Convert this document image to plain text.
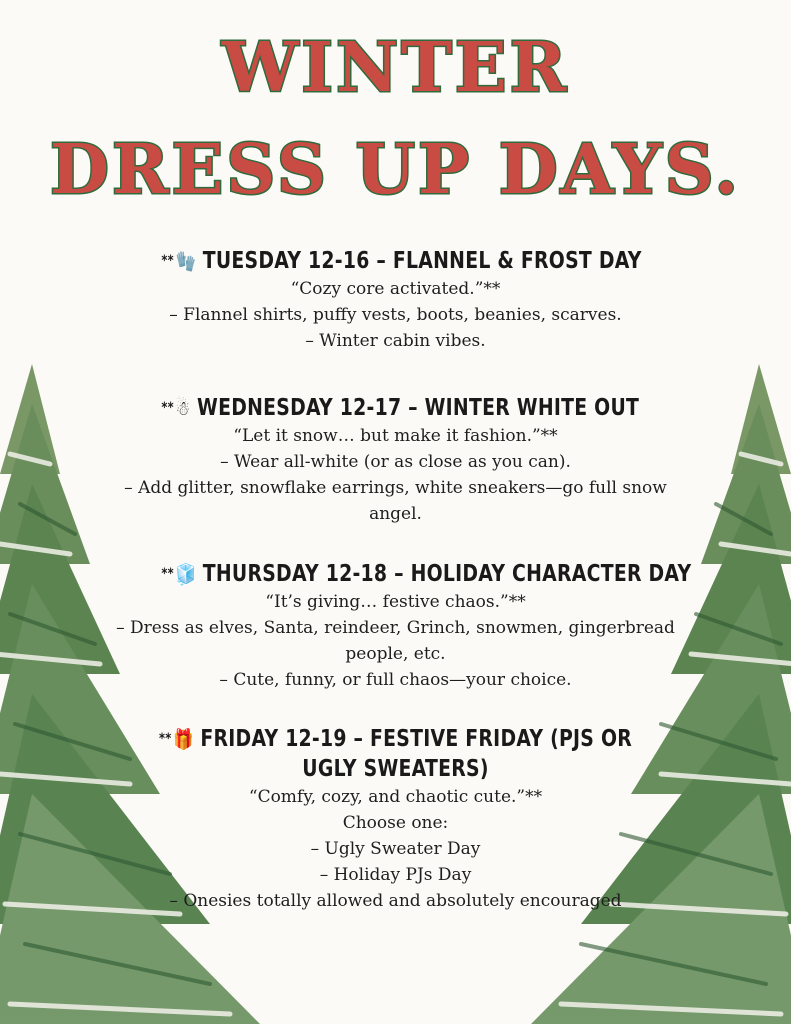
WINTER
DRESS UP DAYS.
**🧤 TUESDAY 12-16 – FLANNEL & FROST DAY
“Cozy core activated.”**
– Flannel shirts, puffy vests, boots, beanies, scarves.
– Winter cabin vibes.
**☃ WEDNESDAY 12-17 – WINTER WHITE OUT
“Let it snow… but make it fashion.”**
– Wear all-white (or as close as you can).
– Add glitter, snowflake earrings, white sneakers—go full snow
angel.
**🧊 THURSDAY 12-18 – HOLIDAY CHARACTER DAY
“It’s giving… festive chaos.”**
– Dress as elves, Santa, reindeer, Grinch, snowmen, gingerbread
people, etc.
– Cute, funny, or full chaos—your choice.
**🎁 FRIDAY 12-19 – FESTIVE FRIDAY (PJS OR UGLY SWEATERS)
“Comfy, cozy, and chaotic cute.”**
Choose one:
– Ugly Sweater Day
– Holiday PJs Day
– Onesies totally allowed and absolutely encouraged
